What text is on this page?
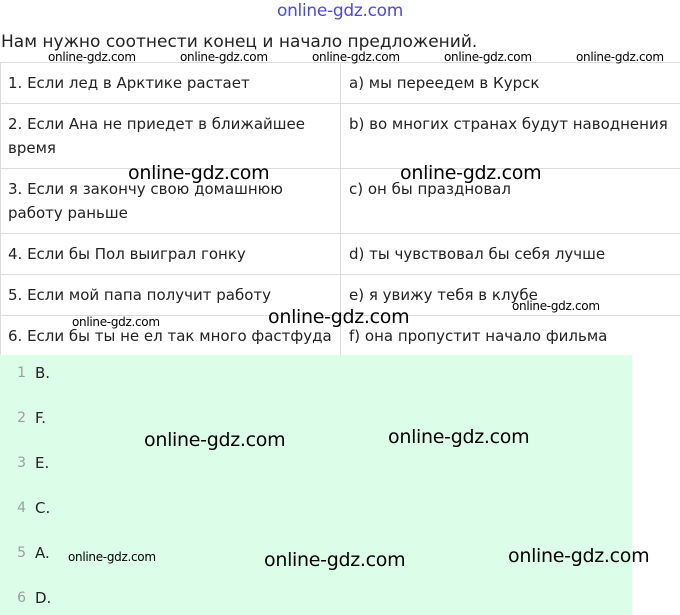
online-gdz.com
Нам нужно соотнести конец и начало предложений.
1. Если лед в Арктике растает	a) мы переедем в Курск
2. Если Ана не приедет в ближайшее время	b) во многих странах будут наводнения
3. Если я закончу свою домашнюю работу раньше	c) он бы праздновал
4. Если бы Пол выиграл гонку	d) ты чувствовал бы себя лучше
5. Если мой папа получит работу	e) я увижу тебя в клубе
6. Если бы ты не ел так много фастфуда	f) она пропустит начало фильма
1 B.
2 F.
3 E.
4 C.
5 A.
6 D.
online-gdz.com	online-gdz.com	online-gdz.com	online-gdz.com	online-gdz.com
online-gdz.com	online-gdz.com
online-gdz.com
online-gdz.com
online-gdz.com
online-gdz.com	online-gdz.com
online-gdz.com	online-gdz.com	online-gdz.com
